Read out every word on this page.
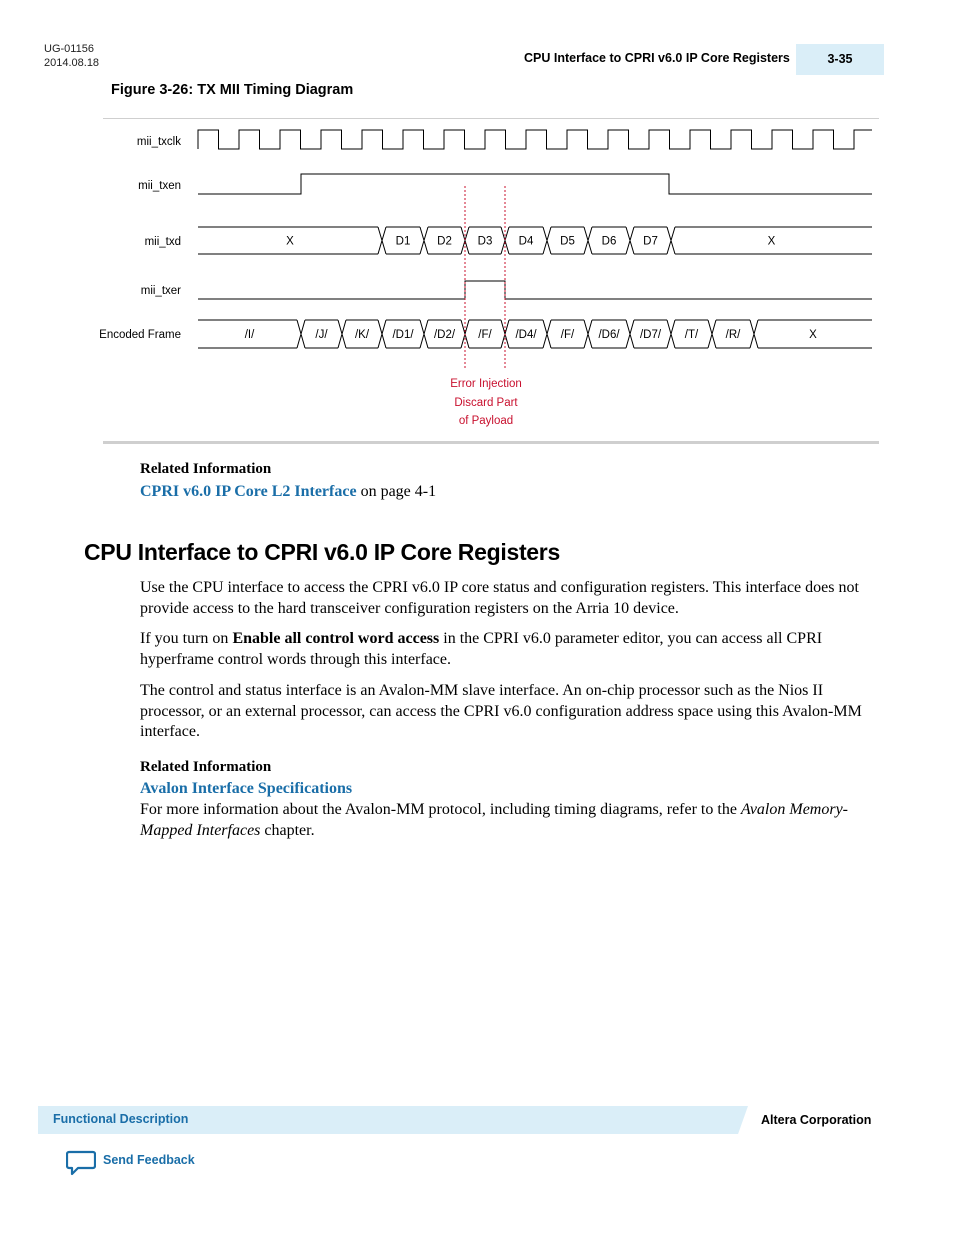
UG-01156
2014.08.18	CPU Interface to CPRI v6.0 IP Core Registers	3-35
Figure 3-26: TX MII Timing Diagram
mii_txclk
mii_txen
mii_txd
mii_txer
Encoded Frame
X	D1 D2 D3 D4 D5 D6 D7	X
/I/	/J/ /K/ /D1/ /D2/ /F/ /D4/ /F/ /D6/ /D7/ /T/ /R/	X
Error Injection
Discard Part
of Payload
Related Information
CPRI v6.0 IP Core L2 Interface on page 4-1
CPU Interface to CPRI v6.0 IP Core Registers
Use the CPU interface to access the CPRI v6.0 IP core status and configuration registers. This interface does not provide access to the hard transceiver configuration registers on the Arria 10 device.
If you turn on Enable all control word access in the CPRI v6.0 parameter editor, you can access all CPRI hyperframe control words through this interface.
The control and status interface is an Avalon-MM slave interface. An on-chip processor such as the Nios II processor, or an external processor, can access the CPRI v6.0 configuration address space using this Avalon-MM interface.
Related Information
Avalon Interface Specifications
For more information about the Avalon-MM protocol, including timing diagrams, refer to the Avalon Memory-Mapped Interfaces chapter.
Functional Description	Altera Corporation
Send Feedback
